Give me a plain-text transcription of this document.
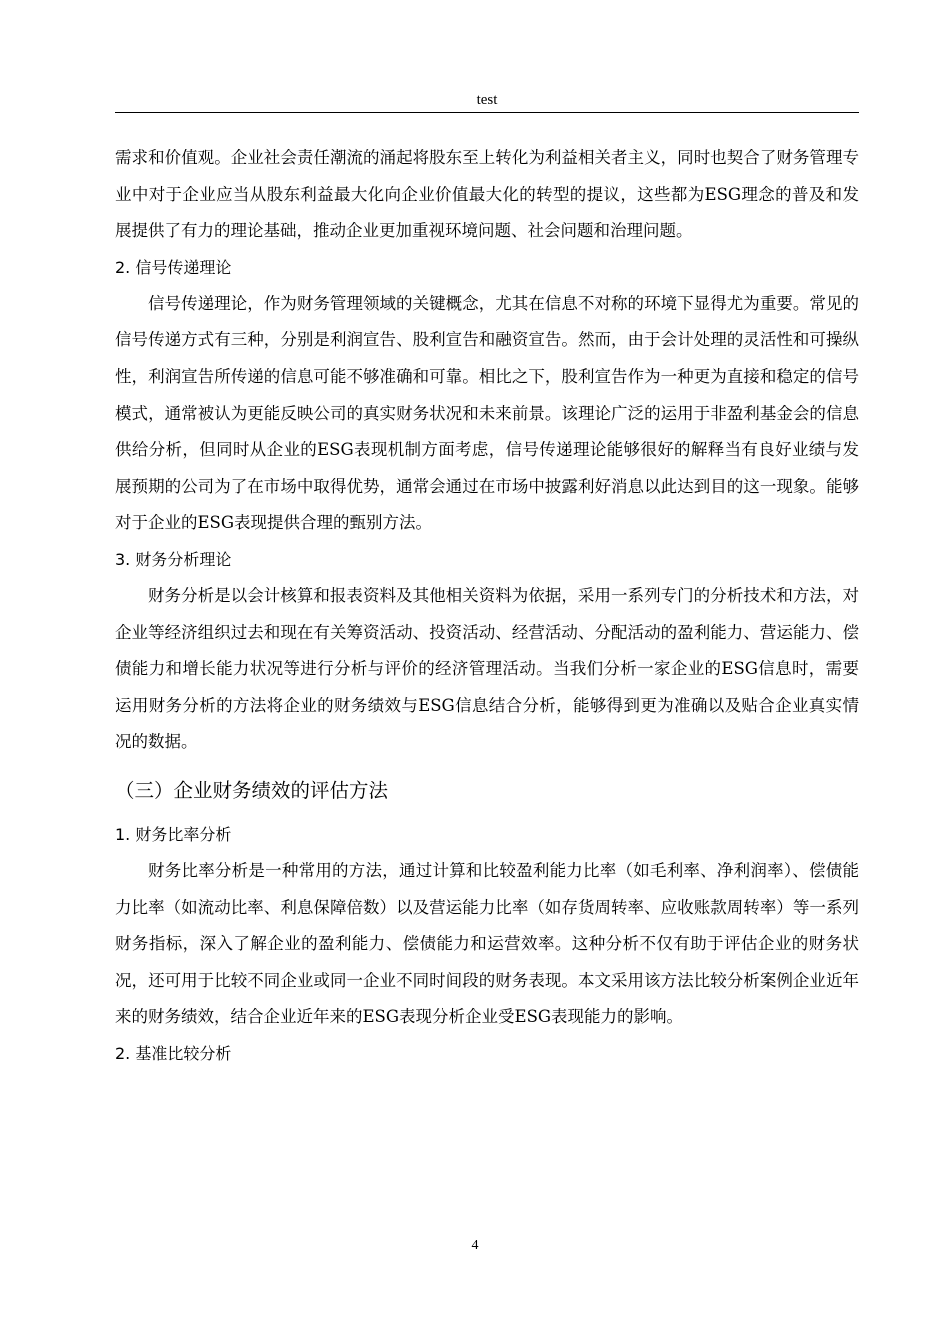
test

需求和价值观。企业社会责任潮流的涌起将股东至上转化为利益相关者主义，同时也契合了财务管理专业中对于企业应当从股东利益最大化向企业价值最大化的转型的提议，这些都为ESG理念的普及和发展提供了有力的理论基础，推动企业更加重视环境问题、社会问题和治理问题。

2. 信号传递理论

信号传递理论，作为财务管理领域的关键概念，尤其在信息不对称的环境下显得尤为重要。常见的信号传递方式有三种，分别是利润宣告、股利宣告和融资宣告。然而，由于会计处理的灵活性和可操纵性，利润宣告所传递的信息可能不够准确和可靠。相比之下，股利宣告作为一种更为直接和稳定的信号模式，通常被认为更能反映公司的真实财务状况和未来前景。该理论广泛的运用于非盈利基金会的信息供给分析，但同时从企业的ESG表现机制方面考虑，信号传递理论能够很好的解释当有良好业绩与发展预期的公司为了在市场中取得优势，通常会通过在市场中披露利好消息以此达到目的这一现象。能够对于企业的ESG表现提供合理的甄别方法。

3. 财务分析理论

财务分析是以会计核算和报表资料及其他相关资料为依据，采用一系列专门的分析技术和方法，对企业等经济组织过去和现在有关筹资活动、投资活动、经营活动、分配活动的盈利能力、营运能力、偿债能力和增长能力状况等进行分析与评价的经济管理活动。当我们分析一家企业的ESG信息时，需要运用财务分析的方法将企业的财务绩效与ESG信息结合分析，能够得到更为准确以及贴合企业真实情况的数据。

（三）企业财务绩效的评估方法

1. 财务比率分析

财务比率分析是一种常用的方法，通过计算和比较盈利能力比率（如毛利率、净利润率）、偿债能力比率（如流动比率、利息保障倍数）以及营运能力比率（如存货周转率、应收账款周转率）等一系列财务指标，深入了解企业的盈利能力、偿债能力和运营效率。这种分析不仅有助于评估企业的财务状况，还可用于比较不同企业或同一企业不同时间段的财务表现。本文采用该方法比较分析案例企业近年来的财务绩效，结合企业近年来的ESG表现分析企业受ESG表现能力的影响。

2. 基准比较分析

4
